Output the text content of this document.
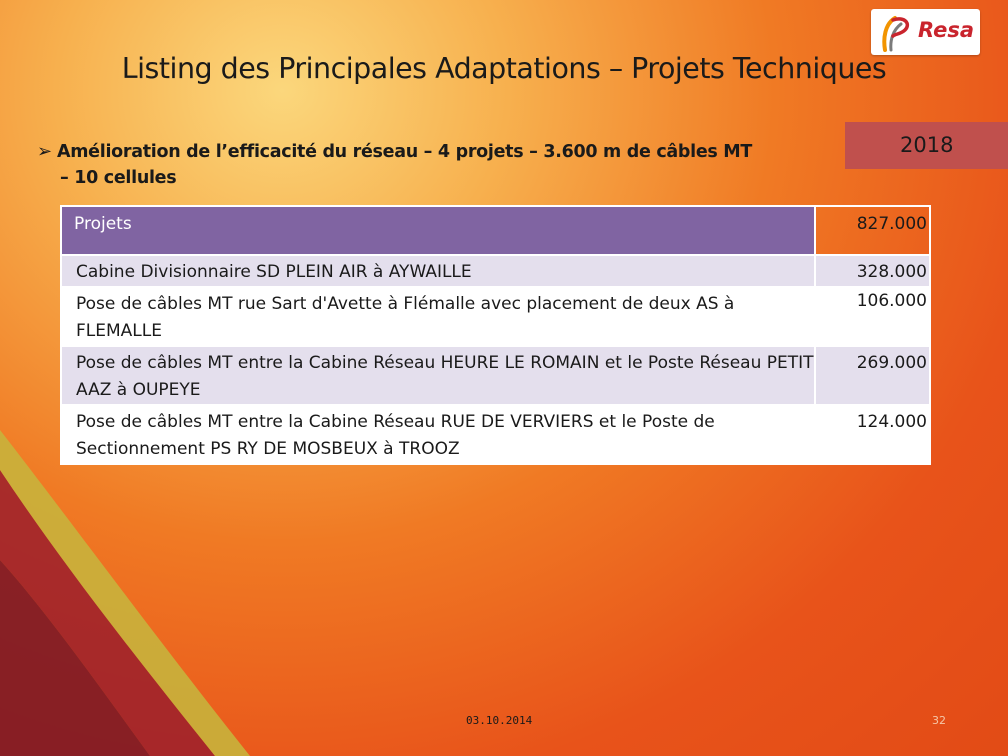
Resa
Listing des Principales Adaptations – Projets Techniques
2018
➢ Amélioration de l’efficacité du réseau – 4 projets – 3.600 m de câbles MT
– 10 cellules
Projets	827.000
Cabine Divisionnaire SD PLEIN AIR à AYWAILLE	328.000
Pose de câbles MT rue Sart d'Avette à Flémalle avec placement de deux AS à FLEMALLE	106.000
Pose de câbles MT entre la Cabine Réseau HEURE LE ROMAIN et le Poste Réseau PETIT AAZ à OUPEYE	269.000
Pose de câbles MT entre la Cabine Réseau RUE DE VERVIERS et le Poste de Sectionnement PS RY DE MOSBEUX à TROOZ	124.000
03.10.2014	32
